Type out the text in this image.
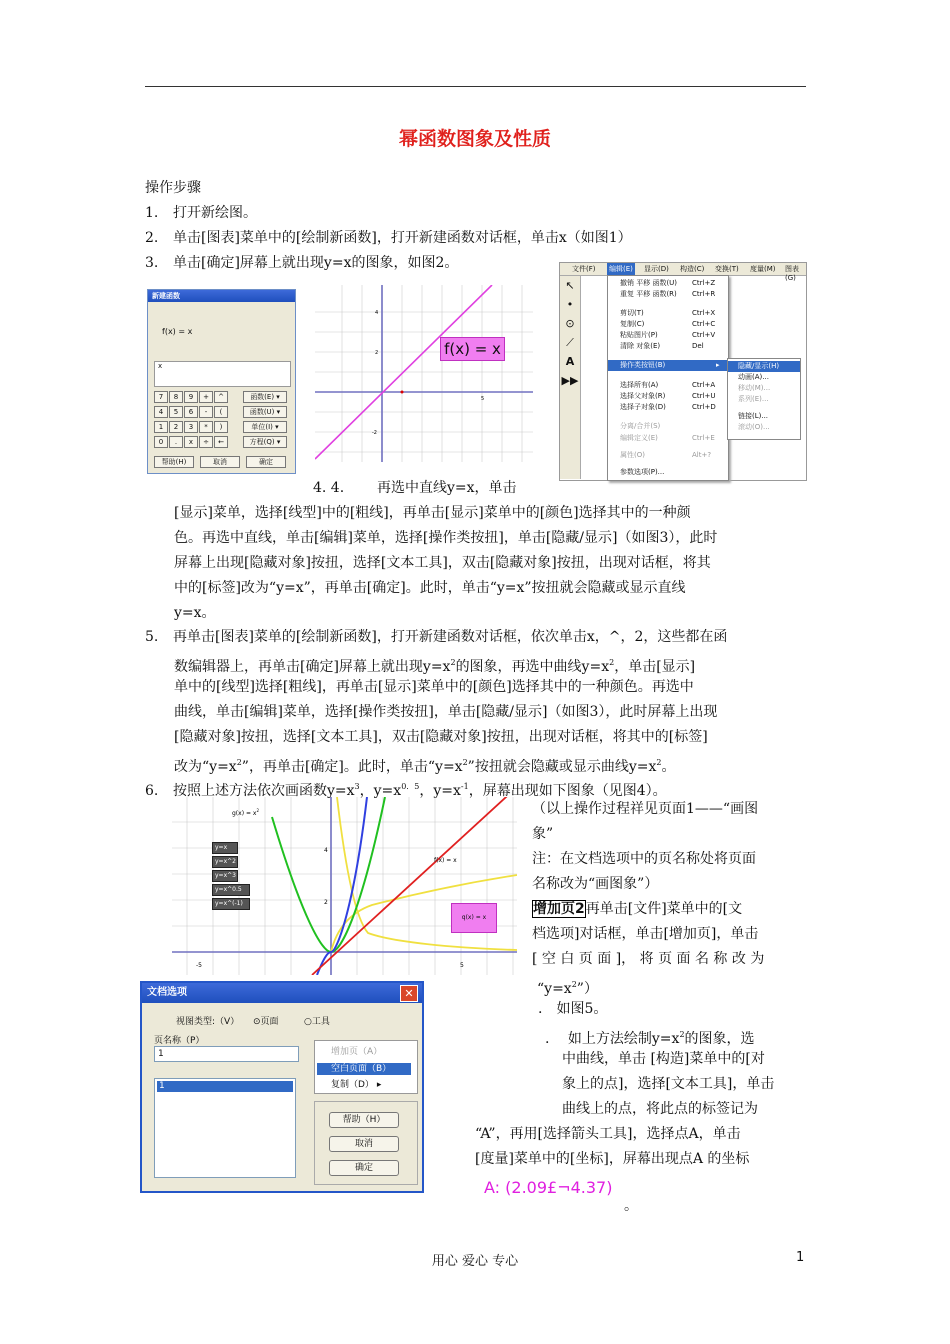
幂函数图象及性质
操作步骤
1. 打开新绘图。
2. 单击[图表]菜单中的[绘制新函数]，打开新建函数对话框，单击x（如图1）
3. 单击[确定]屏幕上就出现y=x的图象，如图2。
新建函数
f(x) = x
x
7	8	9	+	^
4	5	6	-	(
1	2	3	*	)
0	.	x	÷	←
函数(E) ▾
函数(U) ▾
单位(I) ▾
方程(Q) ▾
帮助(H)	取消	确定
4
2
-2
5
f(x) = x
文件(F) 编辑(E) 显示(D) 构造(C) 变换(T) 度量(M) 图表(G)
↖
•
⊙
⟋
A
▶▶
撤销 平移 函数(U) Ctrl+Z
重复 平移 函数(R) Ctrl+R
剪切(T)	Ctrl+X
复制(C)	Ctrl+C
粘贴图片(P)	Ctrl+V
清除 对象(E)	Del
操作类按钮(B)	▸
选择所有(A)	Ctrl+A
选择父对象(R)	Ctrl+U
选择子对象(D)	Ctrl+D
分离/合并(S)
编辑定义(E)	Ctrl+E
属性(O)	Alt+?
参数选项(P)...
隐藏/显示(H)
动画(A)...
移动(M)...
系列(E)...
链接(L)...
滚动(O)...
4. 4. 再选中直线y=x，单击
[显示]菜单，选择[线型]中的[粗线]，再单击[显示]菜单中的[颜色]选择其中的一种颜
色。再选中直线，单击[编辑]菜单，选择[操作类按扭]，单击[隐藏/显示]（如图3），此时
屏幕上出现[隐藏对象]按扭，选择[文本工具]，双击[隐藏对象]按扭，出现对话框，将其
中的[标签]改为“y=x”，再单击[确定]。此时，单击“y=x”按扭就会隐藏或显示直线
y=x。
5. 再单击[图表]菜单的[绘制新函数]，打开新建函数对话框，依次单击x，^，2，这些都在函
数编辑器上，再单击[确定]屏幕上就出现$y=x^2$的图象，再选中曲线$y=x^2$，单击[显示]
单中的[线型]选择[粗线]，再单击[显示]菜单中的[颜色]选择其中的一种颜色。再选中
曲线，单击[编辑]菜单，选择[操作类按扭]，单击[隐藏/显示]（如图3），此时屏幕上出现
[隐藏对象]按扭，选择[文本工具]，双击[隐藏对象]按扭，出现对话框，将其中的[标签]
改为“$y=x^2$”，再单击[确定]。此时，单击“$y=x^2$”按扭就会隐藏或显示曲线$y=x^2$。
6. 按照上述方法依次画函数$y=x^3$，$y=x^{0.5}$，$y=x^{-1}$，屏幕出现如下图象（见图4）。
4
2
-5	5
$g(x) = x^2$
f(x) = x
q(x) = x
y=x
y=x^2
y=x^3
y=x^0.5
y=x^(-1)
（以上操作过程祥见页面1——“画图
象”
注：在文档选项中的页名称处将页面
名称改为“画图象”）
增加页2再单击[文件]菜单中的[文
档选项]对话框，单击[增加页]，单击
[ 空 白 页 面 ]， 将 页 面 名 称 改 为
“$y=x^2$”）
.　如图5。
.　 如上方法绘制$y=x^2$的图象，选
中曲线，单击 [构造]菜单中的[对
象上的点]，选择[文本工具]，单击
曲线上的点，将此点的标签记为
“A”，再用[选择箭头工具]，选择点A，单击
[度量]菜单中的[坐标]，屏幕出现点A 的坐标
A: (2.09£¬4.37)
。
文档选项	✕
视图类型:（V） ⊙页面	○工具
页名称（P）
1
1
增加页（A）
空白页面（B）
复制（D） ▸
帮助（H）
取消
确定
用心 爱心 专心	1
